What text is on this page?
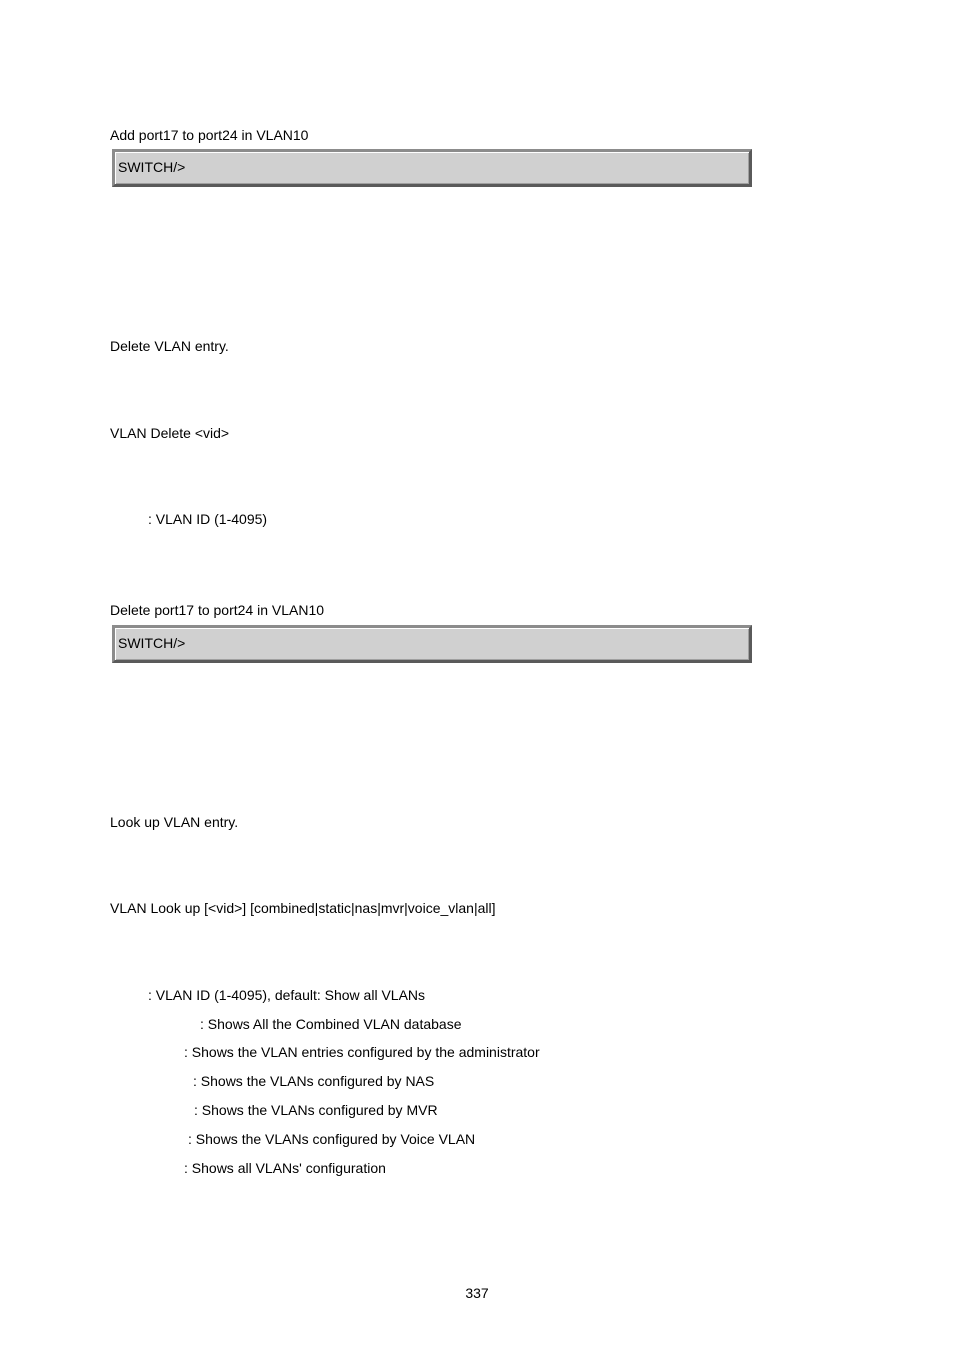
Add port17 to port24 in VLAN10
SWITCH/>
Delete VLAN entry.
VLAN Delete <vid>
: VLAN ID (1-4095)
Delete port17 to port24 in VLAN10
SWITCH/>
Look up VLAN entry.
VLAN Look up [<vid>] [combined|static|nas|mvr|voice_vlan|all]
: VLAN ID (1-4095), default: Show all VLANs
: Shows All the Combined VLAN database
: Shows the VLAN entries configured by the administrator
: Shows the VLANs configured by NAS
: Shows the VLANs configured by MVR
: Shows the VLANs configured by Voice VLAN
: Shows all VLANs' configuration
337
